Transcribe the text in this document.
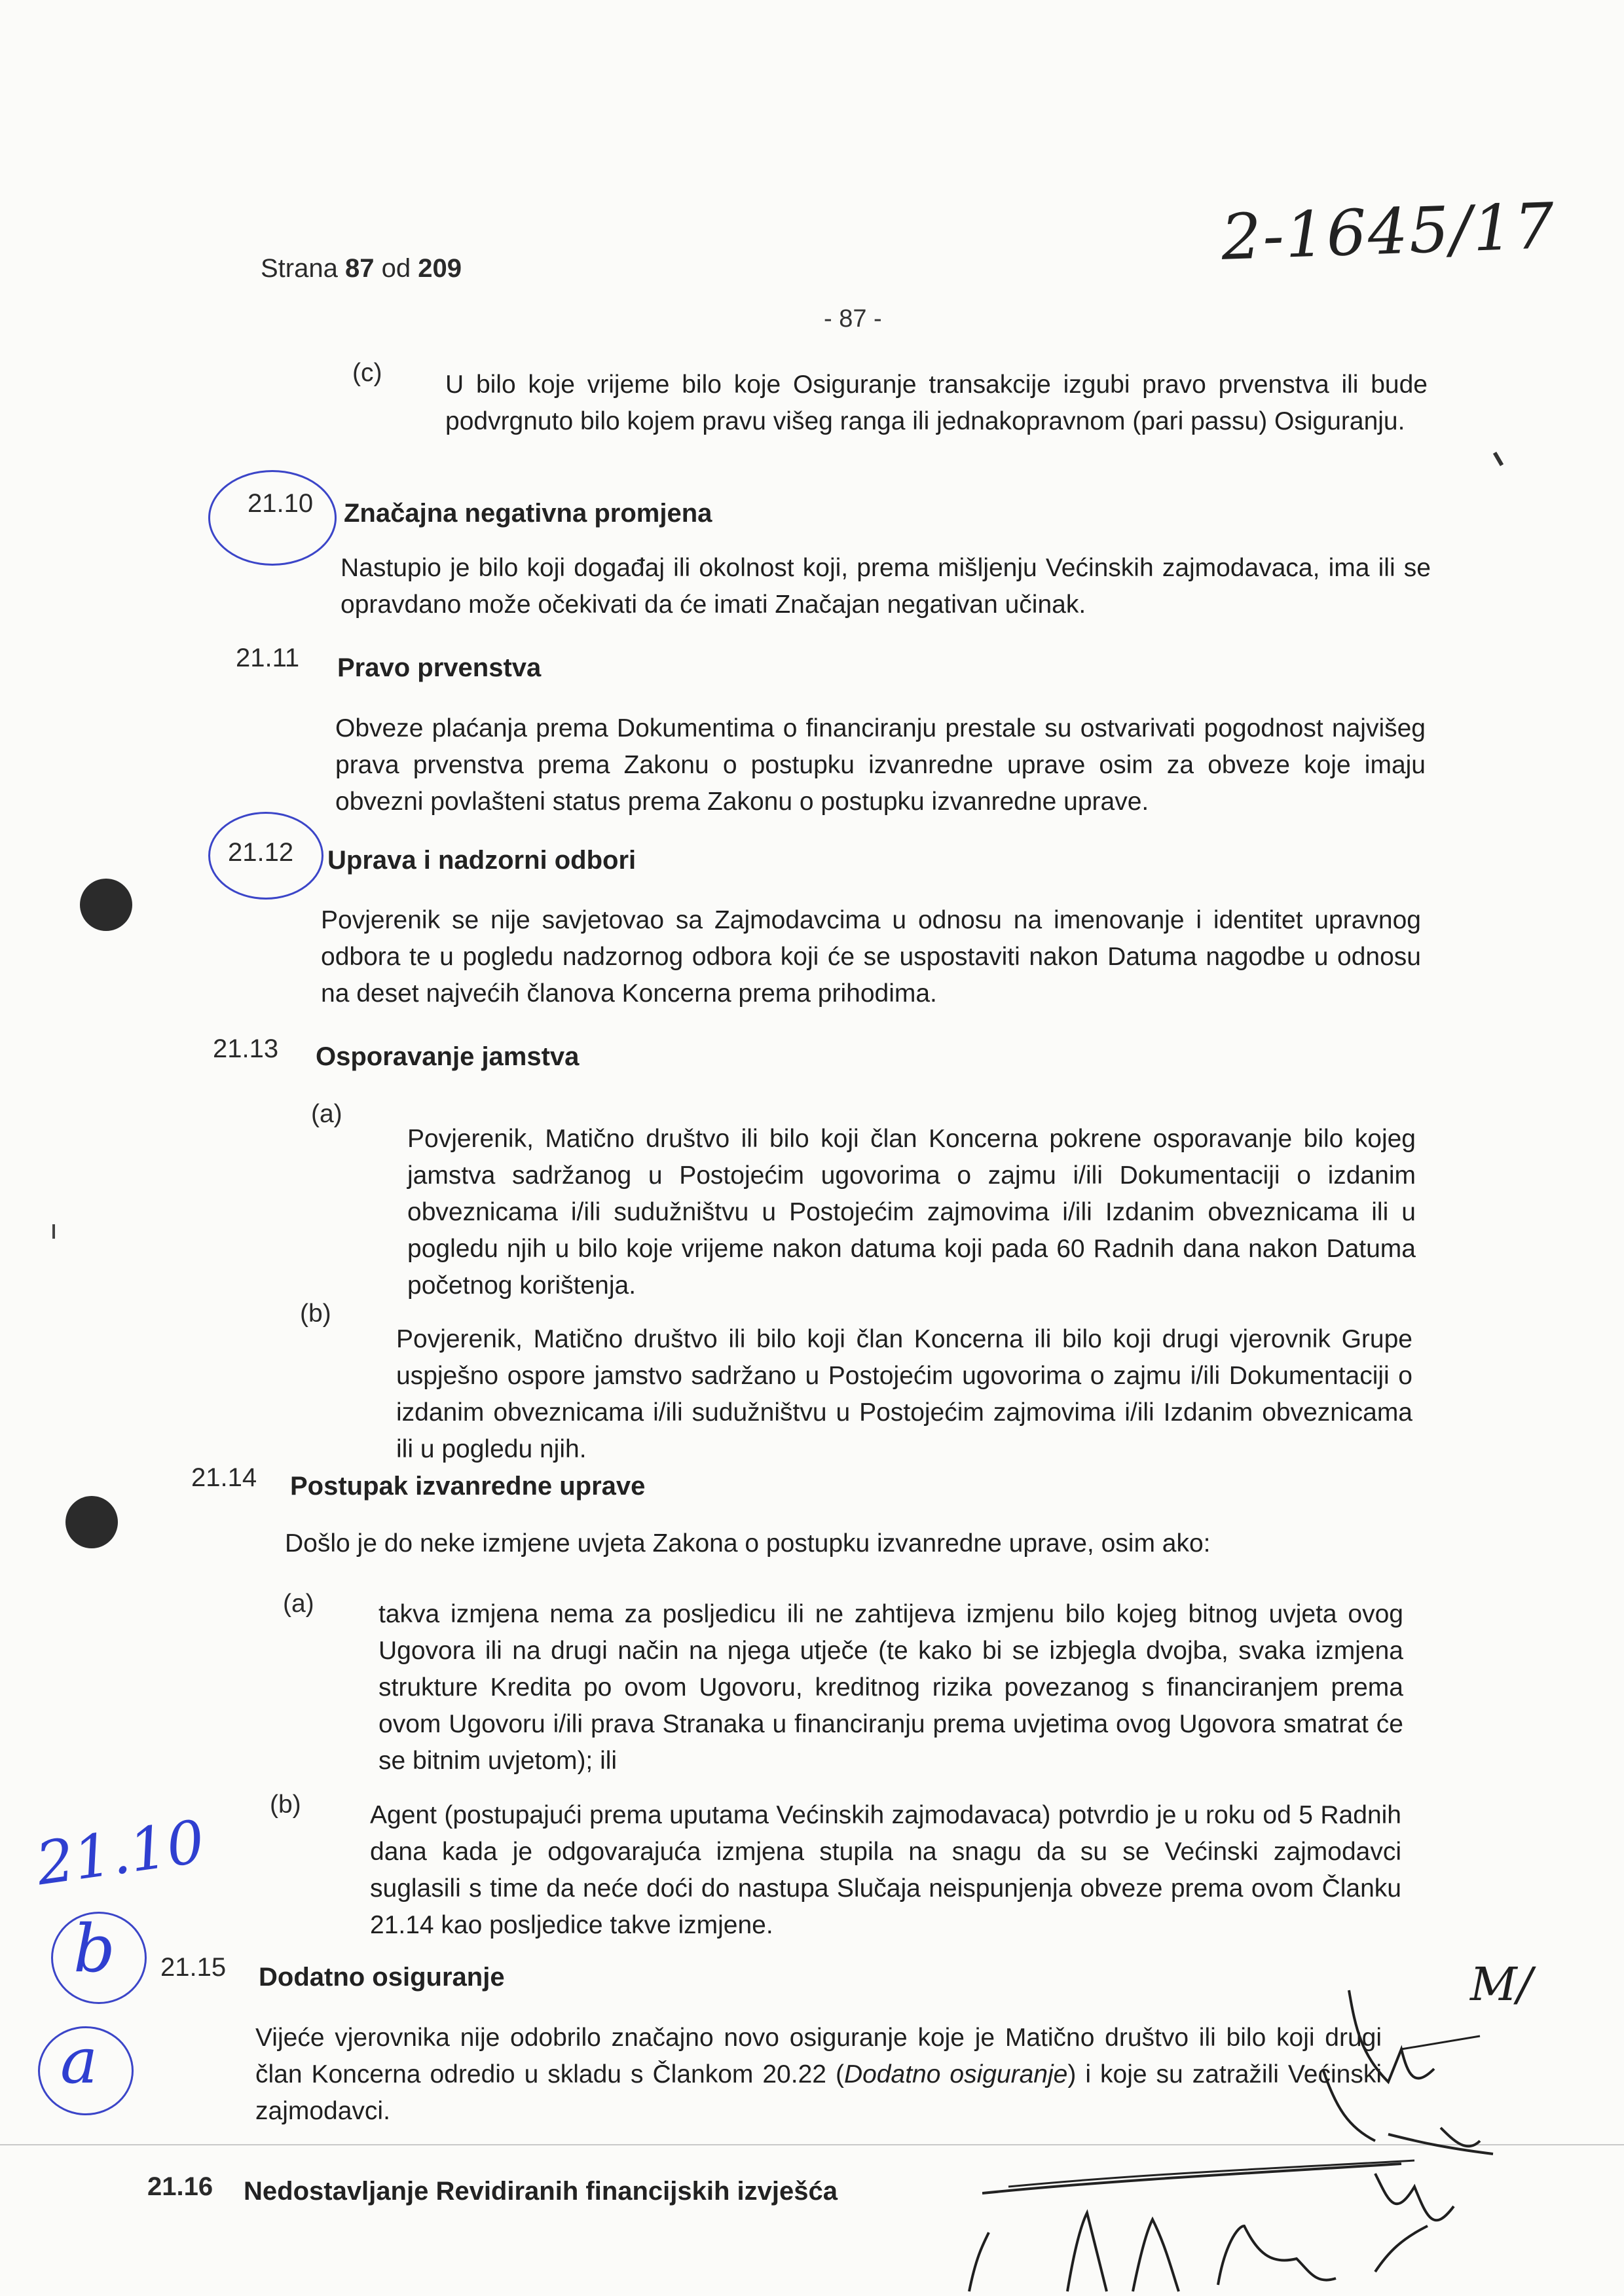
Strana 87 od 209
- 87 -
2-1645/17
(c) U bilo koje vrijeme bilo koje Osiguranje transakcije izgubi pravo prvenstva ili bude podvrgnuto bilo kojem pravu višeg ranga ili jednakopravnom (pari passu) Osiguranju.
21.10 Značajna negativna promjena
Nastupio je bilo koji događaj ili okolnost koji, prema mišljenju Većinskih zajmodavaca, ima ili se opravdano može očekivati da će imati Značajan negativan učinak.
21.11 Pravo prvenstva
Obveze plaćanja prema Dokumentima o financiranju prestale su ostvarivati pogodnost najvišeg prava prvenstva prema Zakonu o postupku izvanredne uprave osim za obveze koje imaju obvezni povlašteni status prema Zakonu o postupku izvanredne uprave.
21.12 Uprava i nadzorni odbori
Povjerenik se nije savjetovao sa Zajmodavcima u odnosu na imenovanje i identitet upravnog odbora te u pogledu nadzornog odbora koji će se uspostaviti nakon Datuma nagodbe u odnosu na deset najvećih članova Koncerna prema prihodima.
21.13 Osporavanje jamstva
(a)
Povjerenik, Matično društvo ili bilo koji član Koncerna pokrene osporavanje bilo kojeg jamstva sadržanog u Postojećim ugovorima o zajmu i/ili Dokumentaciji o izdanim obveznicama i/ili sudužništvu u Postojećim zajmovima i/ili Izdanim obveznicama ili u pogledu njih u bilo koje vrijeme nakon datuma koji pada 60 Radnih dana nakon Datuma početnog korištenja.
(b)
Povjerenik, Matično društvo ili bilo koji član Koncerna ili bilo koji drugi vjerovnik Grupe uspješno ospore jamstvo sadržano u Postojećim ugovorima o zajmu i/ili Dokumentaciji o izdanim obveznicama i/ili sudužništvu u Postojećim zajmovima i/ili Izdanim obveznicama ili u pogledu njih.
21.14 Postupak izvanredne uprave
Došlo je do neke izmjene uvjeta Zakona o postupku izvanredne uprave, osim ako:
(a)	takva izmjena nema za posljedicu ili ne zahtijeva izmjenu bilo kojeg bitnog uvjeta ovog Ugovora ili na drugi način na njega utječe (te kako bi se izbjegla dvojba, svaka izmjena strukture Kredita po ovom Ugovoru, kreditnog rizika povezanog s financiranjem prema ovom Ugovoru i/ili prava Stranaka u financiranju prema uvjetima ovog Ugovora smatrat će se bitnim uvjetom); ili
(b)	Agent (postupajući prema uputama Većinskih zajmodavaca) potvrdio je u roku od 5 Radnih dana kada je odgovarajuća izmjena stupila na snagu da su se Većinski zajmodavci suglasili s time da neće doći do nastupa Slučaja neispunjenja obveze prema ovom Članku 21.14 kao posljedice takve izmjene.
21.15 Dodatno osiguranje
Vijeće vjerovnika nije odobrilo značajno novo osiguranje koje je Matično društvo ili bilo koji drugi član Koncerna odredio u skladu s Člankom 20.22 (Dodatno osiguranje) i koje su zatražili Većinski zajmodavci.
21.16 Nedostavljanje Revidiranih financijskih izvješća
21.10
b
a
M/
